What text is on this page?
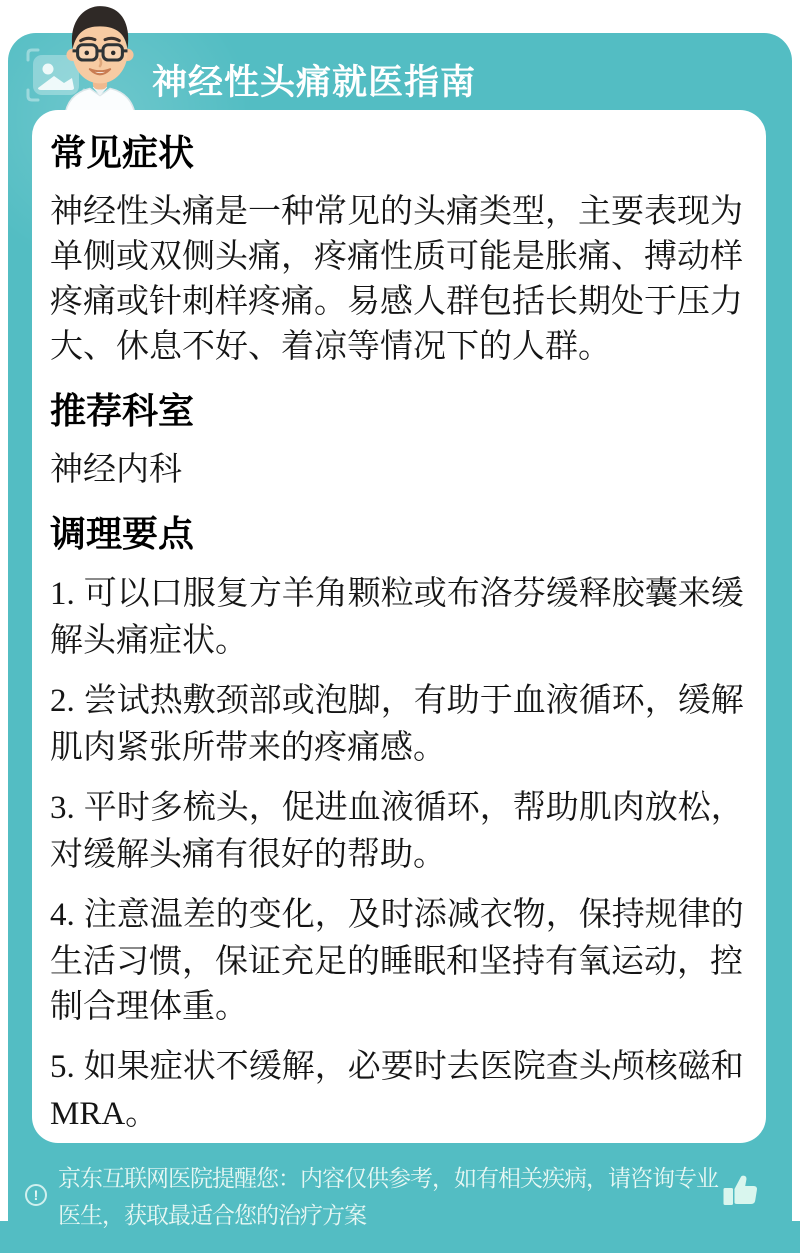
神经性头痛就医指南
常见症状

神经性头痛是一种常见的头痛类型，主要表现为单侧或双侧头痛，疼痛性质可能是胀痛、搏动样疼痛或针刺样疼痛。易感人群包括长期处于压力大、休息不好、着凉等情况下的人群。

推荐科室

神经内科

调理要点

1. 可以口服复方羊角颗粒或布洛芬缓释胶囊来缓解头痛症状。

2. 尝试热敷颈部或泡脚，有助于血液循环，缓解肌肉紧张所带来的疼痛感。

3. 平时多梳头，促进血液循环，帮助肌肉放松，对缓解头痛有很好的帮助。

4. 注意温差的变化，及时添减衣物，保持规律的生活习惯，保证充足的睡眠和坚持有氧运动，控制合理体重。

5. 如果症状不缓解，必要时去医院查头颅核磁和MRA。

!

京东互联网医院提醒您：内容仅供参考，如有相关疾病，请咨询专业医生，获取最适合您的治疗方案
